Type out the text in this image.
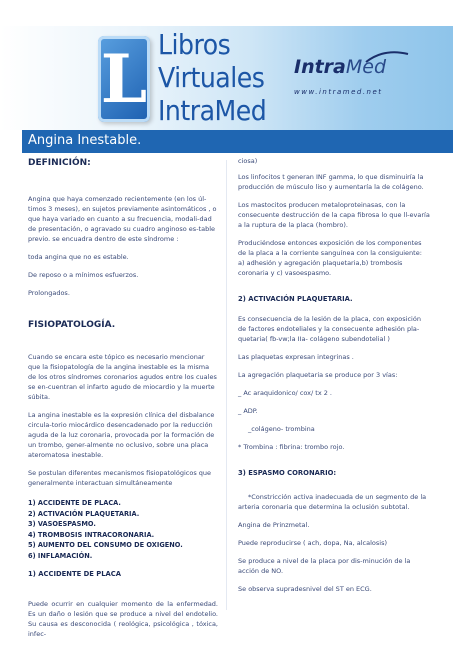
L Libros
Virtuales
IntraMed
IntraMed
www.intramed.net
Angina Inestable.

DEFINICIÓN:

Angina que haya comenzado recientemente (en los úl-timos 3 meses), en sujetos previamente asintomáticos , o que haya variado en cuanto a su frecuencia, modali-dad de presentación, o agravado su cuadro anginoso es-table previo. se encuadra dentro de este síndrome :

toda angina que no es estable.

De reposo o a mínimos esfuerzos.

Prolongados.

FISIOPATOLOGÍA.

Cuando se encara este tópico es necesario mencionar que la fisiopatología de la angina inestable es la misma de los otros síndromes coronarios agudos entre los cuales se en-cuentran el infarto agudo de miocardio y la muerte súbita.

La angina inestable es la expresión clínica del disbalance circula-torio miocárdico desencadenado por la reducción aguda de la luz coronaria, provocada por la formación de un trombo, gener-almente no oclusivo, sobre una placa ateromatosa inestable.

Se postulan diferentes mecanismos fisiopatológicos que generalmente interactuan simultáneamente

1) ACCIDENTE DE PLACA.
2) ACTIVACIÓN PLAQUETARIA.
3) VASOESPASMO.
4) TROMBOSIS INTRACORONARIA.
5) AUMENTO DEL CONSUMO DE OXIGENO.
6) INFLAMACIÓN.

1) ACCIDENTE DE PLACA

Puede ocurrir en cualquier momento de la enfermedad. Es un daño o lesión que se produce a nivel del endotelio. Su causa es desconocida ( reológica, psicológica , tóxica, infec-

ciosa)

Los linfocitos t generan INF gamma, lo que disminuiría la producción de músculo liso y aumentaría la de colágeno.

Los mastocitos producen metaloproteinasas, con la consecuente destrucción de la capa fibrosa lo que ll-evaría a la ruptura de la placa (hombro).

Produciéndose entonces exposición de los componentes de la placa a la corriente sanguínea con la consiguiente: a) adhesión y agregación plaquetaria,b) trombosis coronaria y c) vasoespasmo.

2) ACTIVACIÓN PLAQUETARIA.

Es consecuencia de la lesión de la placa, con exposición de factores endoteliales y la consecuente adhesión pla-quetaria( fb-vw;la IIa- colágeno subendotelial )

Las plaquetas expresan integrinas .

La agregación plaquetaria se produce por 3 vías:

_ Ac araquidonico/ cox/ tx 2 .

_ ADP.

_colágeno- trombina

* Trombina : fibrina: trombo rojo.

3) ESPASMO CORONARIO:

*Constricción activa inadecuada de un segmento de la arteria coronaria que determina la oclusión subtotal.

Angina de Prinzmetal.

Puede reproducirse ( ach, dopa, Na, alcalosis)

Se produce a nivel de la placa por dis-minución de la acción de NO.

Se observa supradesnivel del ST en ECG.
